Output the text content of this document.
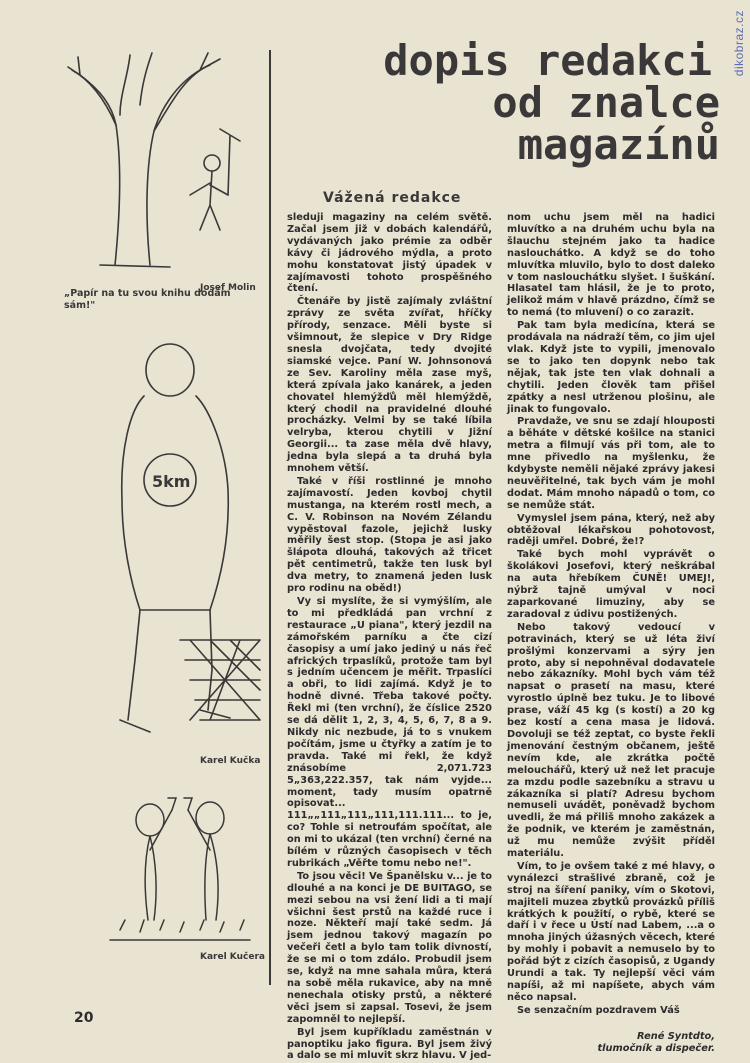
dikobraz.cz
Josef Molin
„Papír na tu svou knihu dodám sám!"
5km
Karel Kučka
Karel Kučera
dopis redakci
od znalce
magazínů
Vážená redakce

sleduji magaziny na celém světě. Začal jsem již v dobách kalendářů, vydávaných jako prémie za odběr kávy či jádrového mýdla, a proto mohu konstatovat jistý úpadek v zajímavosti tohoto prospěšného čtení.

Čtenáře by jistě zajímaly zvláštní zprávy ze světa zvířat, hříčky přírody, senzace. Měli byste si všimnout, že slepice v Dry Ridge snesla dvojčata, tedy dvojité siamské vejce. Paní W. Johnsonová ze Sev. Karoliny měla zase myš, která zpívala jako kanárek, a jeden chovatel hlemýžďů měl hlemýždě, který chodil na pravidelné dlouhé procházky. Velmi by se také líbila velryba, kterou chytili v Jižní Georgii... ta zase měla dvě hlavy, jedna byla slepá a ta druhá byla mnohem větší.

Také v říši rostlinné je mnoho zajímavostí. Jeden kovboj chytil mustanga, na kterém rostl mech, a C. V. Robinson na Novém Zélandu vypěstoval fazole, jejichž lusky měřily šest stop. (Stopa je asi jako šlápota dlouhá, takových až třicet pět centimetrů, takže ten lusk byl dva metry, to znamená jeden lusk pro rodinu na oběd!)

Vy si myslíte, že si vymýšlím, ale to mi předkládá pan vrchní z restaurace „U piana", který jezdil na zámořském parníku a čte cizí časopisy a umí jako jediný u nás řeč afrických trpaslíků, protože tam byl s jedním učencem je měřit. Trpaslíci a obři, to lidi zajímá. Když je to hodně divné. Třeba takové počty. Řekl mi (ten vrchní), že číslice 2520 se dá dělit 1, 2, 3, 4, 5, 6, 7, 8 a 9. Nikdy nic nezbude, já to s vnukem počítám, jsme u čtyřky a zatím je to pravda. Také mi řekl, že když znásobíme 2,071.723 5„363,222.357, tak nám vyjde... moment, tady musím opatrně opisovat... 111„„111„111„111,111.111... to je, co? Tohle si netroufám spočítat, ale on mi to ukázal (ten vrchní) černé na bílém v různých časopisech v těch rubrikách „Věřte tomu nebo ne!".

To jsou věci! Ve Španělsku v... je to dlouhé a na konci je DE BUITAGO, se mezi sebou na vsi žení lidi a ti mají všichni šest prstů na každé ruce i noze. Někteří mají také sedm. Já jsem jednou takový magazín po večeři četl a bylo tam tolik divností, že se mi o tom zdálo. Probudil jsem se, když na mne sahala můra, která na sobě měla rukavice, aby na mně nenechala otisky prstů, a některé věci jsem si zapsal. Tosevi, že jsem zapomněl to nejlepší.

Byl jsem kupříkladu zaměstnán v panoptiku jako figura. Byl jsem živý a dalo se mi mluvit skrz hlavu. V jed-

nom uchu jsem měl na hadici mluvítko a na druhém uchu byla na šlauchu stejném jako ta hadice naslouchátko. A když se do toho mluvítka mluvilo, bylo to dost daleko v tom naslouchátku slyšet. I šuškání. Hlasatel tam hlásil, že je to proto, jelikož mám v hlavě prázdno, čímž se to nemá (to mluvení) o co zarazit.

Pak tam byla medicína, která se prodávala na nádraží těm, co jim ujel vlak. Když jste to vypili, jmenovalo se to jako ten dopynk nebo tak nějak, tak jste ten vlak dohnali a chytili. Jeden člověk tam přišel zpátky a nesl utrženou plošinu, ale jinak to fungovalo.

Pravdaže, ve snu se zdají hlouposti a běháte v dětské košilce na stanici metra a filmují vás při tom, ale to mne přivedlo na myšlenku, že kdybyste neměli nějaké zprávy jakesi neuvěřitelné, tak bych vám je mohl dodat. Mám mnoho nápadů o tom, co se nemůže stát.

Vymyslel jsem pána, který, než aby obtěžoval lékařskou pohotovost, raději umřel. Dobré, že!?

Také bych mohl vyprávět o školákovi Josefovi, který neškrábal na auta hřebíkem ČUNĚ! UMEJ!, nýbrž tajně umýval v noci zaparkované limuziny, aby se zaradoval z údivu postižených.

Nebo takový vedoucí v potravinách, který se už léta živí prošlými konzervami a sýry jen proto, aby si nepohněval dodavatele nebo zákazníky. Mohl bych vám též napsat o prasetí na masu, které vyrostlo úplně bez tuku. Je to libové prase, váží 45 kg (s kostí) a 20 kg bez kostí a cena masa je lidová. Dovoluji se též zeptat, co byste řekli jmenování čestným občanem, ještě nevím kde, ale zkrátka počtě melouchářů, který už než let pracuje za mzdu podle sazebníku a stravu u zákazníka si platí? Adresu bychom nemuseli uvádět, poněvadž bychom uvedli, že má přiliš mnoho zakázek a že podnik, ve kterém je zaměstnán, už mu nemůže zvýšit příděl materiálu.

Vím, to je ovšem také z mé hlavy, o vynálezci strašlivé zbraně, což je stroj na šíření paniky, vím o Skotovi, majiteli muzea zbytků provázků příliš krátkých k použití, o rybě, které se daří i v řece u Ústí nad Labem, ...a o mnoha jiných úžasných věcech, které by mohly i pobavit a nemuselo by to pořád být z cizích časopisů, z Ugandy Urundi a tak. Ty nejlepší věci vám napíši, až mi napíšete, abych vám něco napsal.

Se senzačním pozdravem Váš

René Syntdto,
tlumočník a dispečer.
20
